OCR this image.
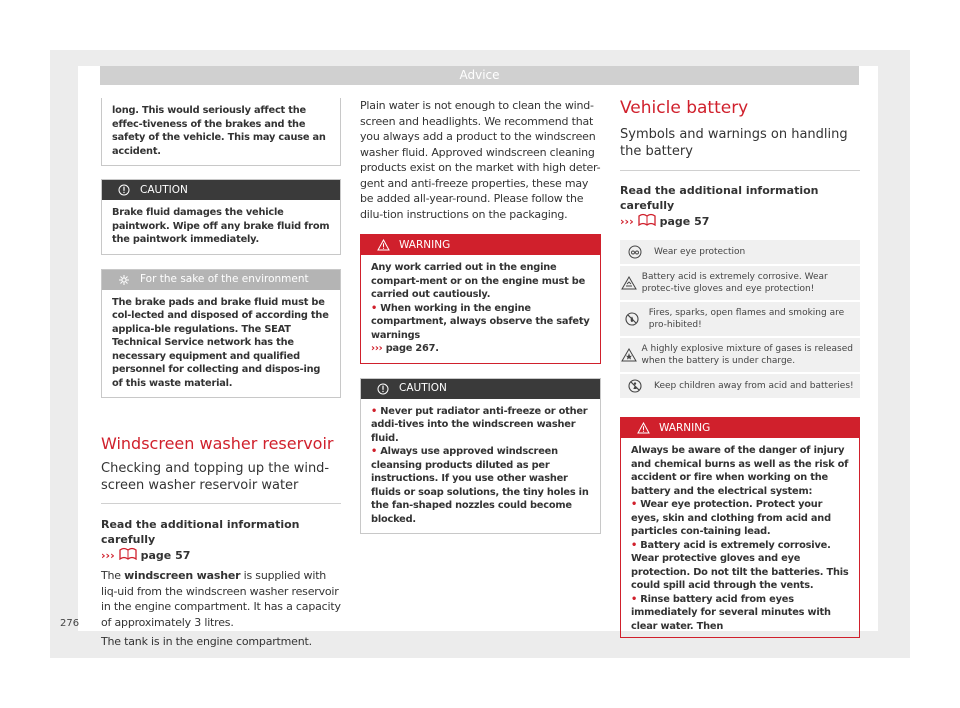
Advice
long. This would seriously affect the effec-tiveness of the brakes and the safety of the vehicle. This may cause an accident.
CAUTION
Brake fluid damages the vehicle paintwork. Wipe off any brake fluid from the paintwork immediately.
For the sake of the environment
The brake pads and brake fluid must be col-lected and disposed of according the applica-ble regulations. The SEAT Technical Service network has the necessary equipment and qualified personnel for collecting and dispos-ing of this waste material.

Windscreen washer reservoir

Checking and topping up the wind-screen washer reservoir water

Read the additional information carefully
››› page 57

The windscreen washer is supplied with liq-uid from the windscreen washer reservoir in the engine compartment. It has a capacity of approximately 3 litres.

The tank is in the engine compartment.

Plain water is not enough to clean the wind-screen and headlights. We recommend that you always add a product to the windscreen washer fluid. Approved windscreen cleaning products exist on the market with high deter-gent and anti-freeze properties, these may be added all-year-round. Please follow the dilu-tion instructions on the packaging.

WARNING

Any work carried out in the engine compart-ment or on the engine must be carried out cautiously.

• When working in the engine compartment, always observe the safety warnings
››› page 267.

CAUTION

• Never put radiator anti-freeze or other addi-tives into the windscreen washer fluid.

• Always use approved windscreen cleansing products diluted as per instructions. If you use other washer fluids or soap solutions, the tiny holes in the fan-shaped nozzles could become blocked.

Vehicle battery

Symbols and warnings on handling the battery

Read the additional information carefully
››› page 57
Wear eye protection
Battery acid is extremely corrosive. Wear protec-tive gloves and eye protection!
Fires, sparks, open flames and smoking are pro-hibited!
A highly explosive mixture of gases is released when the battery is under charge.
Keep children away from acid and batteries!
WARNING

Always be aware of the danger of injury and chemical burns as well as the risk of accident or fire when working on the battery and the electrical system:

• Wear eye protection. Protect your eyes, skin and clothing from acid and particles con-taining lead.

• Battery acid is extremely corrosive. Wear protective gloves and eye protection. Do not tilt the batteries. This could spill acid through the vents.

• Rinse battery acid from eyes immediately for several minutes with clear water. Then

276
